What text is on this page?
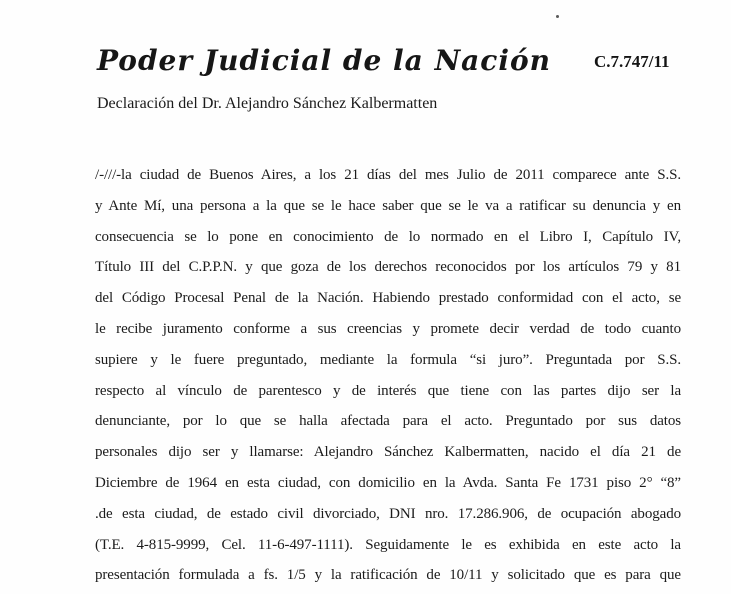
Poder Judicial de la Nación	C.7.747/11
Declaración del Dr. Alejandro Sánchez Kalbermatten
/-///-la ciudad de Buenos Aires, a los 21 días del mes Julio de 2011 comparece ante S.S.
y Ante Mí, una persona a la que se le hace saber que se le va a ratificar su denuncia y en
consecuencia se lo pone en conocimiento de lo normado en el Libro I, Capítulo IV,
Título III del C.P.P.N. y que goza de los derechos reconocidos por los artículos 79 y 81
del Código Procesal Penal de la Nación. Habiendo prestado conformidad con el acto, se
le recibe juramento conforme a sus creencias y promete decir verdad de todo cuanto
supiere y le fuere preguntado, mediante la formula “si juro”. Preguntada por S.S.
respecto al vínculo de parentesco y de interés que tiene con las partes dijo ser la
denunciante, por lo que se halla afectada para el acto. Preguntado por sus datos
personales dijo ser y llamarse: Alejandro Sánchez Kalbermatten, nacido el día 21 de
Diciembre de 1964 en esta ciudad, con domicilio en la Avda. Santa Fe 1731 piso 2° “8”
.de esta ciudad, de estado civil divorciado, DNI nro. 17.286.906, de ocupación abogado
(T.E. 4-815-9999, Cel. 11-6-497-1111). Seguidamente le es exhibida en este acto la
presentación formulada a fs. 1/5 y la ratificación de 10/11 y solicitado que es para que
